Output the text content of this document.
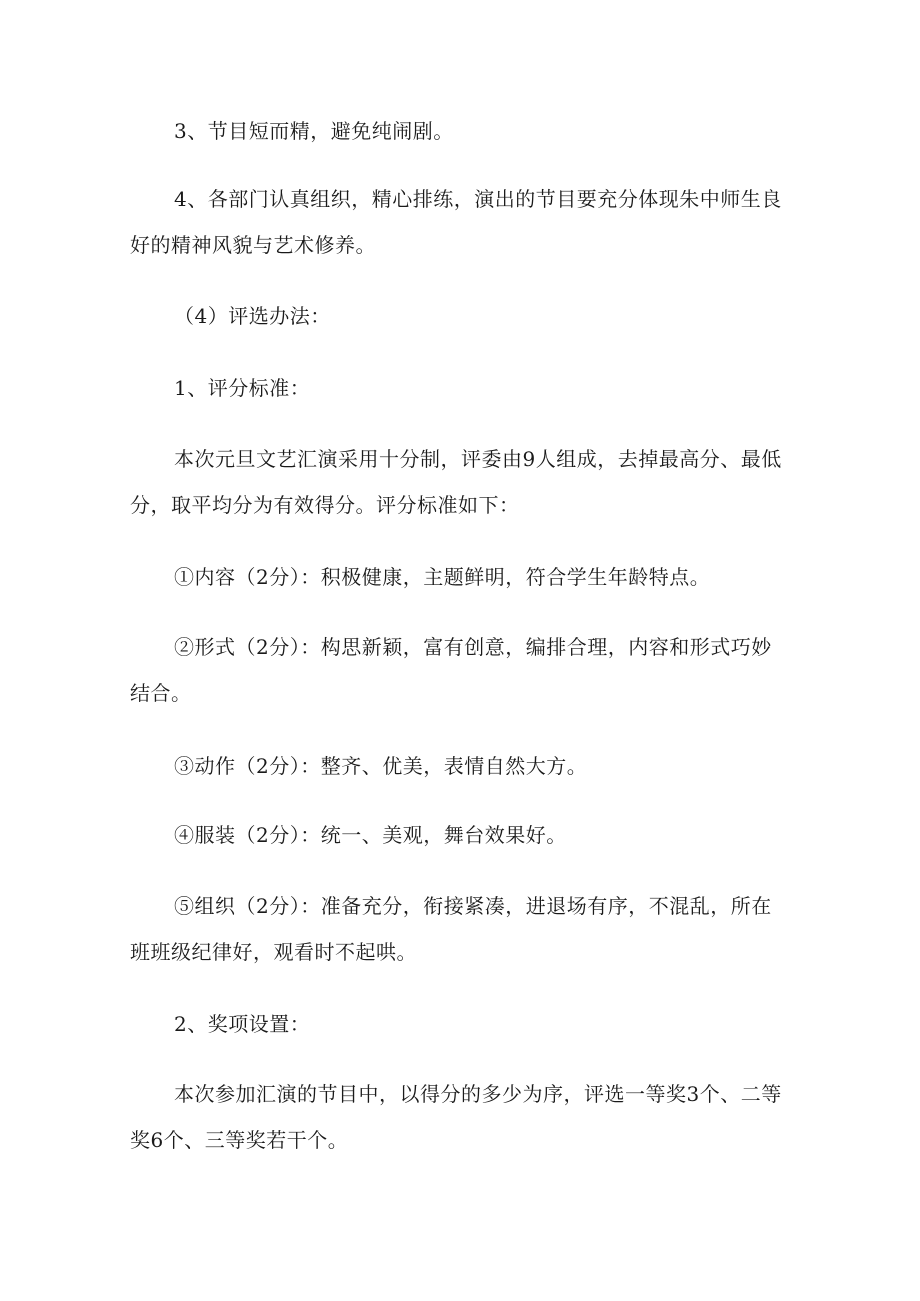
3、节目短而精，避免纯闹剧。

4、各部门认真组织，精心排练，演出的节目要充分体现朱中师生良好的精神风貌与艺术修养。

（4）评选办法：

1、评分标准：

本次元旦文艺汇演采用十分制，评委由9人组成，去掉最高分、最低分，取平均分为有效得分。评分标准如下：

①内容（2分）：积极健康，主题鲜明，符合学生年龄特点。

②形式（2分）：构思新颖，富有创意，编排合理，内容和形式巧妙结合。

③动作（2分）：整齐、优美，表情自然大方。

④服装（2分）：统一、美观，舞台效果好。

⑤组织（2分）：准备充分，衔接紧凑，进退场有序，不混乱，所在班班级纪律好，观看时不起哄。

2、奖项设置：

本次参加汇演的节目中，以得分的多少为序，评选一等奖3个、二等奖6个、三等奖若干个。
